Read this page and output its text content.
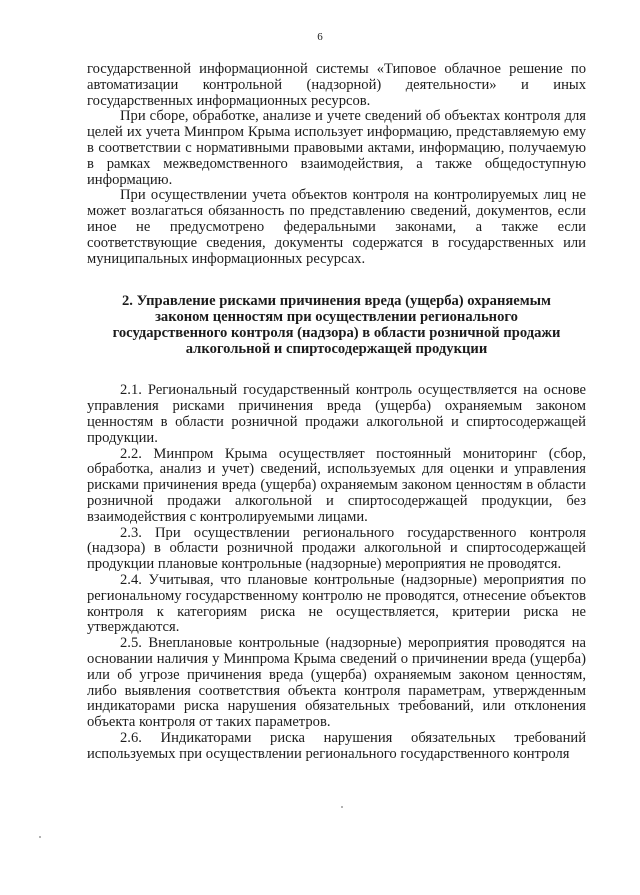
6

государственной информационной системы «Типовое облачное решение по автоматизации контрольной (надзорной) деятельности» и иных государственных информационных ресурсов.

При сборе, обработке, анализе и учете сведений об объектах контроля для целей их учета Минпром Крыма использует информацию, представляемую ему в соответствии с нормативными правовыми актами, информацию, получаемую в рамках межведомственного взаимодействия, а также общедоступную информацию.

При осуществлении учета объектов контроля на контролируемых лиц не может возлагаться обязанность по представлению сведений, документов, если иное не предусмотрено федеральными законами, а также если соответствующие сведения, документы содержатся в государственных или муниципальных информационных ресурсах.

2. Управление рисками причинения вреда (ущерба) охраняемым законом ценностям при осуществлении регионального государственного контроля (надзора) в области розничной продажи алкогольной и спиртосодержащей продукции

2.1. Региональный государственный контроль осуществляется на основе управления рисками причинения вреда (ущерба) охраняемым законом ценностям в области розничной продажи алкогольной и спиртосодержащей продукции.

2.2. Минпром Крыма осуществляет постоянный мониторинг (сбор, обработка, анализ и учет) сведений, используемых для оценки и управления рисками причинения вреда (ущерба) охраняемым законом ценностям в области розничной продажи алкогольной и спиртосодержащей продукции, без взаимодействия с контролируемыми лицами.

2.3. При осуществлении регионального государственного контроля (надзора) в области розничной продажи алкогольной и спиртосодержащей продукции плановые контрольные (надзорные) мероприятия не проводятся.

2.4. Учитывая, что плановые контрольные (надзорные) мероприятия по региональному государственному контролю не проводятся, отнесение объектов контроля к категориям риска не осуществляется, критерии риска не утверждаются.

2.5. Внеплановые контрольные (надзорные) мероприятия проводятся на основании наличия у Минпрома Крыма сведений о причинении вреда (ущерба) или об угрозе причинения вреда (ущерба) охраняемым законом ценностям, либо выявления соответствия объекта контроля параметрам, утвержденным индикаторами риска нарушения обязательных требований, или отклонения объекта контроля от таких параметров.

2.6. Индикаторами риска нарушения обязательных требований используемых при осуществлении регионального государственного контроля
